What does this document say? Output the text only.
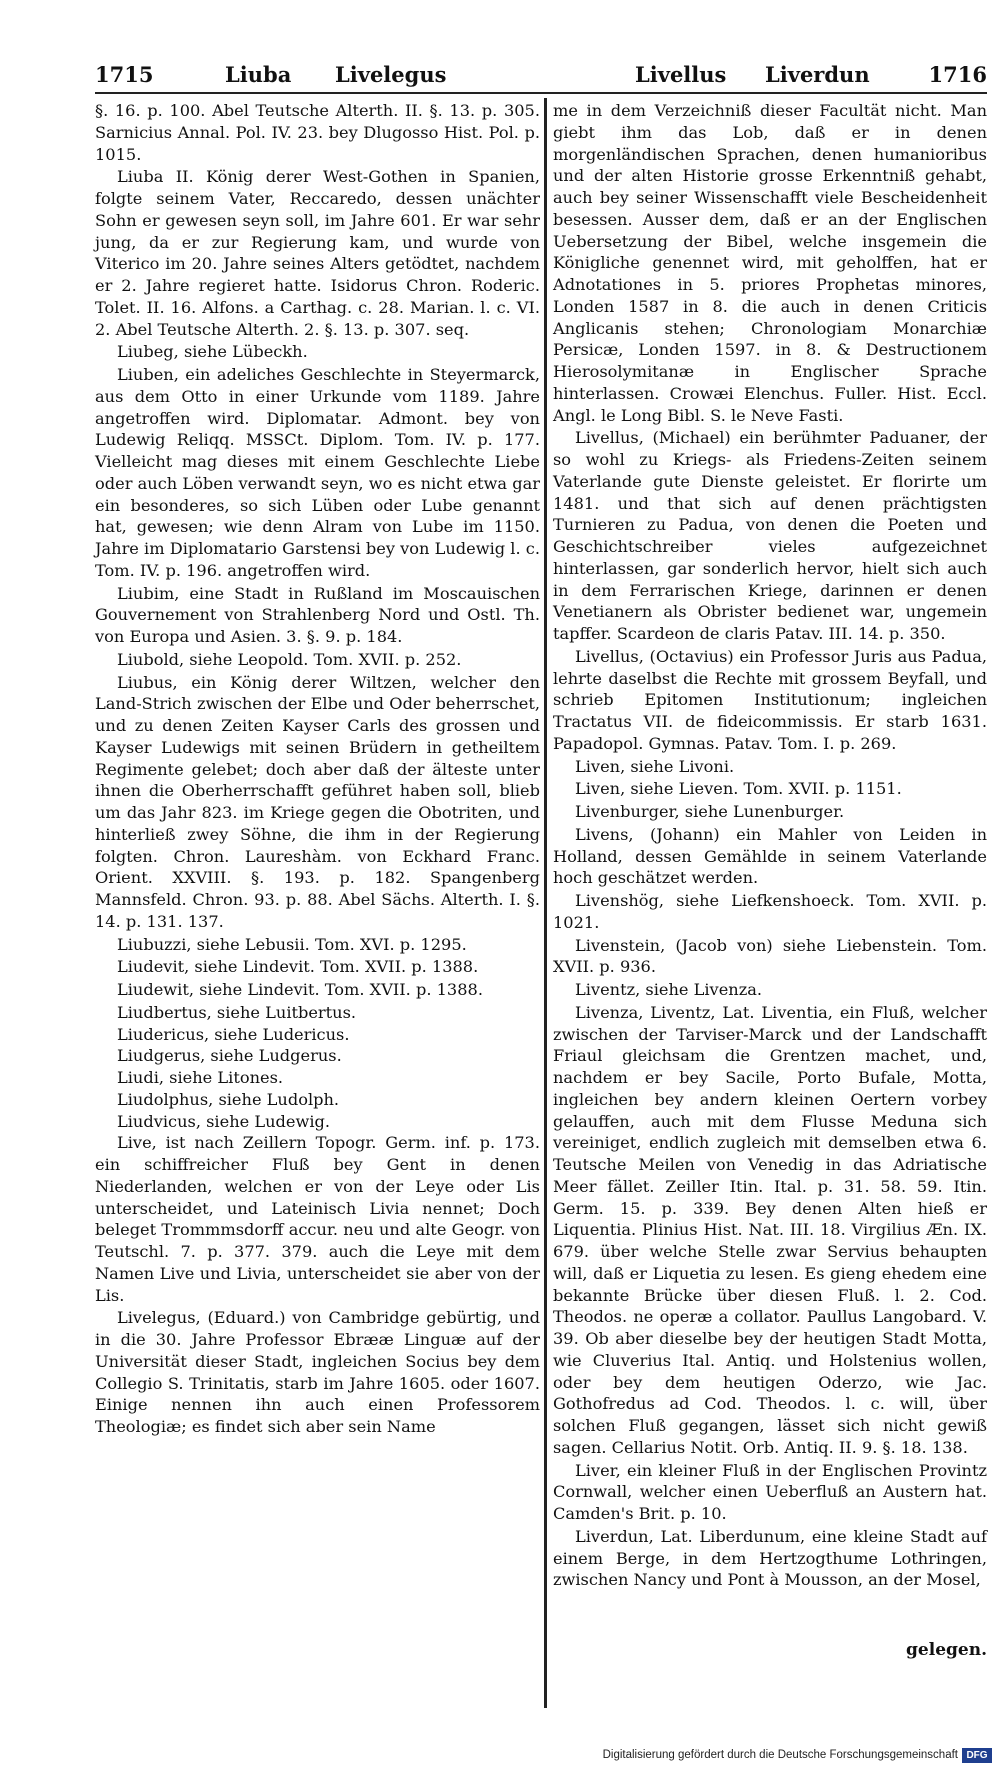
1715	Liuba Livelegus	Livellus Liverdun	1716

§. 16. p. 100. Abel Teutsche Alterth. II. §. 13. p. 305. Sarnicius Annal. Pol. IV. 23. bey Dlugosso Hist. Pol. p. 1015.

Liuba II. König derer West-Gothen in Spanien, folgte seinem Vater, Reccaredo, dessen unächter Sohn er gewesen seyn soll, im Jahre 601. Er war sehr jung, da er zur Regierung kam, und wurde von Viterico im 20. Jahre seines Alters getödtet, nachdem er 2. Jahre regieret hatte. Isidorus Chron. Roderic. Tolet. II. 16. Alfons. a Carthag. c. 28. Marian. l. c. VI. 2. Abel Teutsche Alterth. 2. §. 13. p. 307. seq.

Liubeg, siehe Lübeckh.

Liuben, ein adeliches Geschlechte in Steyermarck, aus dem Otto in einer Urkunde vom 1189. Jahre angetroffen wird. Diplomatar. Admont. bey von Ludewig Reliqq. MSSCt. Diplom. Tom. IV. p. 177. Vielleicht mag dieses mit einem Geschlechte Liebe oder auch Löben verwandt seyn, wo es nicht etwa gar ein besonderes, so sich Lüben oder Lube genannt hat, gewesen; wie denn Alram von Lube im 1150. Jahre im Diplomatario Garstensi bey von Ludewig l. c. Tom. IV. p. 196. angetroffen wird.

Liubim, eine Stadt in Rußland im Moscauischen Gouvernement von Strahlenberg Nord und Ostl. Th. von Europa und Asien. 3. §. 9. p. 184.

Liubold, siehe Leopold. Tom. XVII. p. 252.

Liubus, ein König derer Wiltzen, welcher den Land-Strich zwischen der Elbe und Oder beherrschet, und zu denen Zeiten Kayser Carls des grossen und Kayser Ludewigs mit seinen Brüdern in getheiltem Regimente gelebet; doch aber daß der älteste unter ihnen die Oberherrschafft geführet haben soll, blieb um das Jahr 823. im Kriege gegen die Obotriten, und hinterließ zwey Söhne, die ihm in der Regierung folgten. Chron. Laureshàm. von Eckhard Franc. Orient. XXVIII. §. 193. p. 182. Spangenberg Mannsfeld. Chron. 93. p. 88. Abel Sächs. Alterth. I. §. 14. p. 131. 137.

Liubuzzi, siehe Lebusii. Tom. XVI. p. 1295.

Liudevit, siehe Lindevit. Tom. XVII. p. 1388.

Liudewit, siehe Lindevit. Tom. XVII. p. 1388.

Liudbertus, siehe Luitbertus.

Liudericus, siehe Ludericus.

Liudgerus, siehe Ludgerus.

Liudi, siehe Litones.

Liudolphus, siehe Ludolph.

Liudvicus, siehe Ludewig.

Live, ist nach Zeillern Topogr. Germ. inf. p. 173. ein schiffreicher Fluß bey Gent in denen Niederlanden, welchen er von der Leye oder Lis unterscheidet, und Lateinisch Livia nennet; Doch beleget Trommmsdorff accur. neu und alte Geogr. von Teutschl. 7. p. 377. 379. auch die Leye mit dem Namen Live und Livia, unterscheidet sie aber von der Lis.

Livelegus, (Eduard.) von Cambridge gebürtig, und in die 30. Jahre Professor Ebrææ Linguæ auf der Universität dieser Stadt, ingleichen Socius bey dem Collegio S. Trinitatis, starb im Jahre 1605. oder 1607. Einige nennen ihn auch einen Professorem Theologiæ; es findet sich aber sein Name

me in dem Verzeichniß dieser Facultät nicht. Man giebt ihm das Lob, daß er in denen morgenländischen Sprachen, denen humanioribus und der alten Historie grosse Erkenntniß gehabt, auch bey seiner Wissenschafft viele Bescheidenheit besessen. Ausser dem, daß er an der Englischen Uebersetzung der Bibel, welche insgemein die Königliche genennet wird, mit geholffen, hat er Adnotationes in 5. priores Prophetas minores, Londen 1587 in 8. die auch in denen Criticis Anglicanis stehen; Chronologiam Monarchiæ Persicæ, Londen 1597. in 8. & Destructionem Hierosolymitanæ in Englischer Sprache hinterlassen. Crowæi Elenchus. Fuller. Hist. Eccl. Angl. le Long Bibl. S. le Neve Fasti.

Livellus, (Michael) ein berühmter Paduaner, der so wohl zu Kriegs- als Friedens-Zeiten seinem Vaterlande gute Dienste geleistet. Er florirte um 1481. und that sich auf denen prächtigsten Turnieren zu Padua, von denen die Poeten und Geschichtschreiber vieles aufgezeichnet hinterlassen, gar sonderlich hervor, hielt sich auch in dem Ferrarischen Kriege, darinnen er denen Venetianern als Obrister bedienet war, ungemein tapffer. Scardeon de claris Patav. III. 14. p. 350.

Livellus, (Octavius) ein Professor Juris aus Padua, lehrte daselbst die Rechte mit grossem Beyfall, und schrieb Epitomen Institutionum; ingleichen Tractatus VII. de fideicommissis. Er starb 1631. Papadopol. Gymnas. Patav. Tom. I. p. 269.

Liven, siehe Livoni.

Liven, siehe Lieven. Tom. XVII. p. 1151.

Livenburger, siehe Lunenburger.

Livens, (Johann) ein Mahler von Leiden in Holland, dessen Gemählde in seinem Vaterlande hoch geschätzet werden.

Livenshög, siehe Liefkenshoeck. Tom. XVII. p. 1021.

Livenstein, (Jacob von) siehe Liebenstein. Tom. XVII. p. 936.

Liventz, siehe Livenza.

Livenza, Liventz, Lat. Liventia, ein Fluß, welcher zwischen der Tarviser-Marck und der Landschafft Friaul gleichsam die Grentzen machet, und, nachdem er bey Sacile, Porto Bufale, Motta, ingleichen bey andern kleinen Oertern vorbey gelauffen, auch mit dem Flusse Meduna sich vereiniget, endlich zugleich mit demselben etwa 6. Teutsche Meilen von Venedig in das Adriatische Meer fället. Zeiller Itin. Ital. p. 31. 58. 59. Itin. Germ. 15. p. 339. Bey denen Alten hieß er Liquentia. Plinius Hist. Nat. III. 18. Virgilius Æn. IX. 679. über welche Stelle zwar Servius behaupten will, daß er Liquetia zu lesen. Es gieng ehedem eine bekannte Brücke über diesen Fluß. l. 2. Cod. Theodos. ne operæ a collator. Paullus Langobard. V. 39. Ob aber dieselbe bey der heutigen Stadt Motta, wie Cluverius Ital. Antiq. und Holstenius wollen, oder bey dem heutigen Oderzo, wie Jac. Gothofredus ad Cod. Theodos. l. c. will, über solchen Fluß gegangen, lässet sich nicht gewiß sagen. Cellarius Notit. Orb. Antiq. II. 9. §. 18. 138.

Liver, ein kleiner Fluß in der Englischen Provintz Cornwall, welcher einen Ueberfluß an Austern hat. Camden's Brit. p. 10.

Liverdun, Lat. Liberdunum, eine kleine Stadt auf einem Berge, in dem Hertzogthume Lothringen, zwischen Nancy und Pont à Mousson, an der Mosel,

gelegen.
Digitalisierung gefördert durch die Deutsche Forschungsgemeinschaft DFG
